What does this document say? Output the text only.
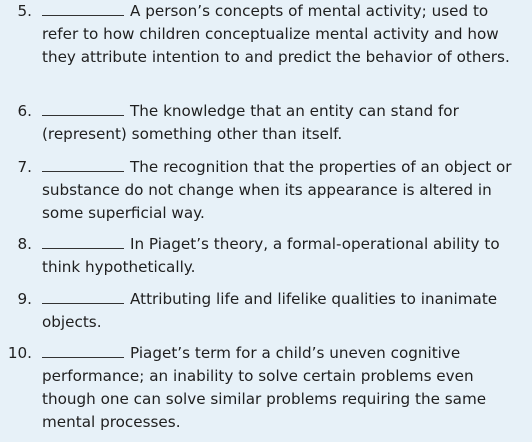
5.	A person’s concepts of mental activity; used to refer to how children conceptualize mental activity and how they attribute intention to and predict the behavior of others.
6.	The knowledge that an entity can stand for (represent) something other than itself.
7.	The recognition that the properties of an object or substance do not change when its appearance is altered in some superficial way.
8.	In Piaget’s theory, a formal-operational ability to think hypothetically.
9.	Attributing life and lifelike qualities to inanimate objects.
10.	Piaget’s term for a child’s uneven cognitive performance; an inability to solve certain problems even though one can solve similar problems requiring the same mental processes.
